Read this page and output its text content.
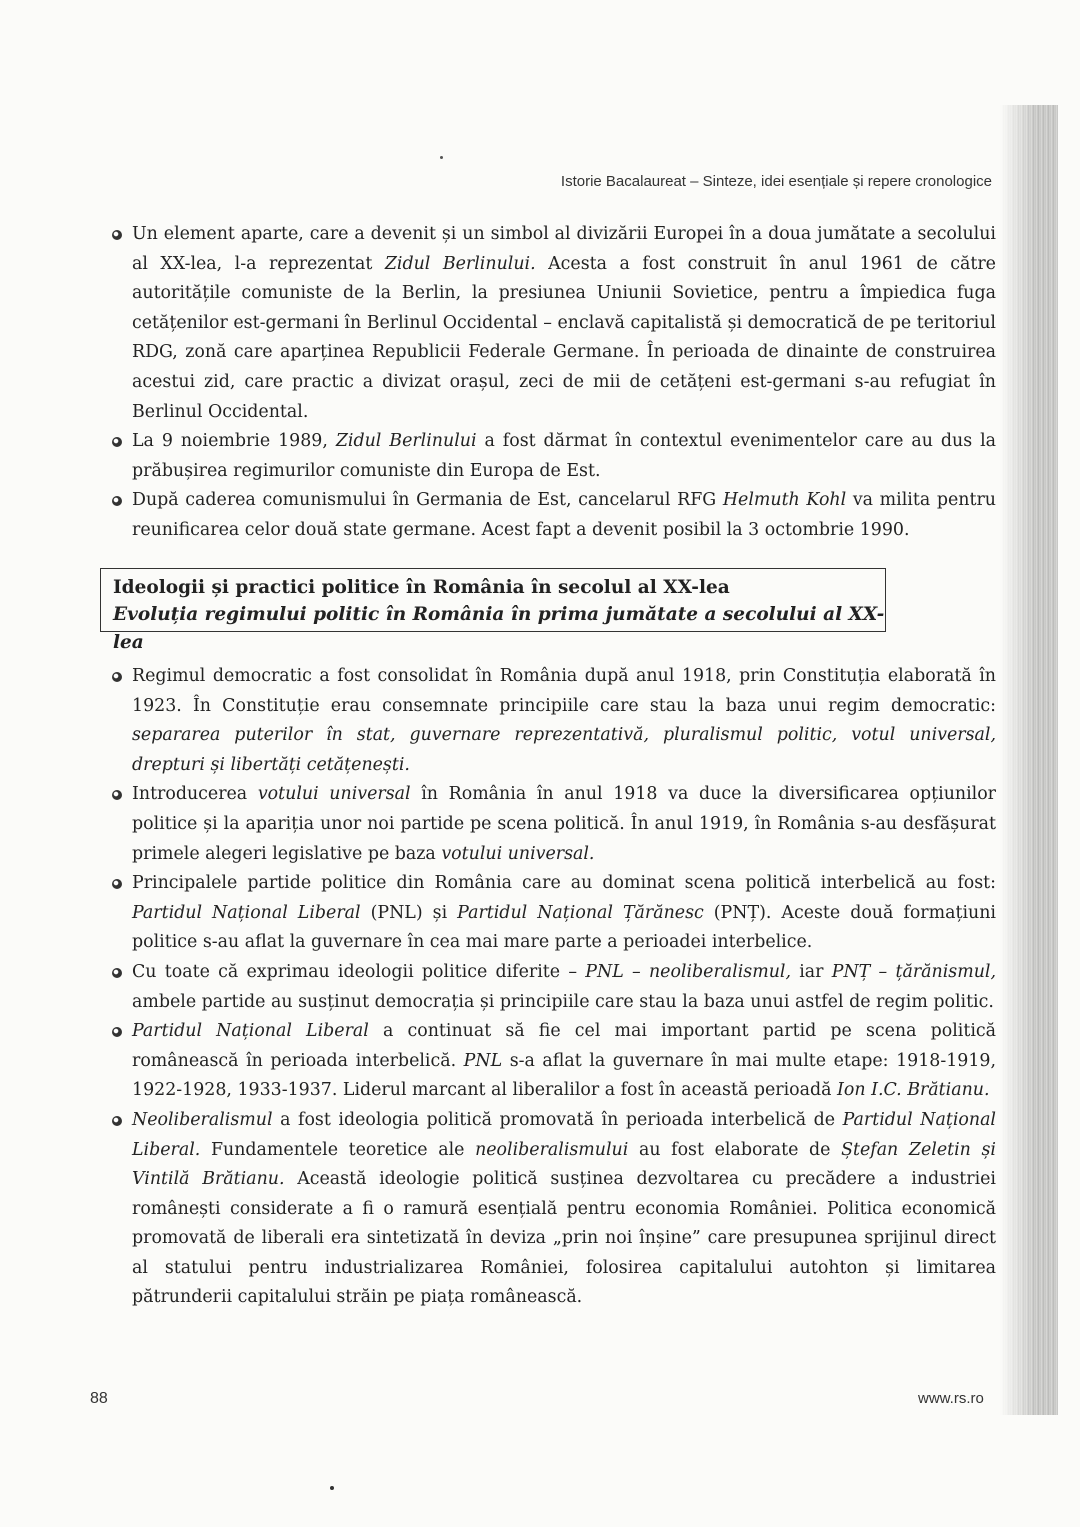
Istorie Bacalaureat – Sinteze, idei esențiale și repere cronologice
Un element aparte, care a devenit și un simbol al divizării Europei în a doua jumătate a secolului al XX-lea, l-a reprezentat Zidul Berlinului. Acesta a fost construit în anul 1961 de către autoritățile comuniste de la Berlin, la presiunea Uniunii Sovietice, pentru a împiedica fuga cetățenilor est-germani în Berlinul Occidental – enclavă capitalistă și democratică de pe teritoriul RDG, zonă care aparținea Republicii Federale Germane. În perioada de dinainte de construirea acestui zid, care practic a divizat orașul, zeci de mii de cetățeni est-germani s-au refugiat în Berlinul Occidental.
La 9 noiembrie 1989, Zidul Berlinului a fost dărmat în contextul evenimentelor care au dus la prăbușirea regimurilor comuniste din Europa de Est.
După caderea comunismului în Germania de Est, cancelarul RFG Helmuth Kohl va milita pentru reunificarea celor două state germane. Acest fapt a devenit posibil la 3 octombrie 1990.
Ideologii și practici politice în România în secolul al XX-lea
Evoluția regimului politic în România în prima jumătate a secolului al XX-lea
Regimul democratic a fost consolidat în România după anul 1918, prin Constituția elaborată în 1923. În Constituție erau consemnate principiile care stau la baza unui regim democratic: separarea puterilor în stat, guvernare reprezentativă, pluralismul politic, votul universal, drepturi și libertăți cetățenești.
Introducerea votului universal în România în anul 1918 va duce la diversificarea opțiunilor politice și la apariția unor noi partide pe scena politică. În anul 1919, în România s-au desfășurat primele alegeri legislative pe baza votului universal.
Principalele partide politice din România care au dominat scena politică interbelică au fost: Partidul Național Liberal (PNL) și Partidul Național Țărănesc (PNȚ). Aceste două formațiuni politice s-au aflat la guvernare în cea mai mare parte a perioadei interbelice.
Cu toate că exprimau ideologii politice diferite – PNL – neoliberalismul, iar PNȚ – țărănismul, ambele partide au susținut democrația și principiile care stau la baza unui astfel de regim politic.
Partidul Național Liberal a continuat să fie cel mai important partid pe scena politică românească în perioada interbelică. PNL s-a aflat la guvernare în mai multe etape: 1918-1919, 1922-1928, 1933-1937. Liderul marcant al liberalilor a fost în această perioadă Ion I.C. Brătianu.
Neoliberalismul a fost ideologia politică promovată în perioada interbelică de Partidul Național Liberal. Fundamentele teoretice ale neoliberalismului au fost elaborate de Ștefan Zeletin și Vintilă Brătianu. Această ideologie politică susținea dezvoltarea cu precădere a industriei românești considerate a fi o ramură esențială pentru economia României. Politica economică promovată de liberali era sintetizată în deviza „prin noi înșine” care presupunea sprijinul direct al statului pentru industrializarea României, folosirea capitalului autohton și limitarea pătrunderii capitalului străin pe piața românească.
88	www.rs.ro
